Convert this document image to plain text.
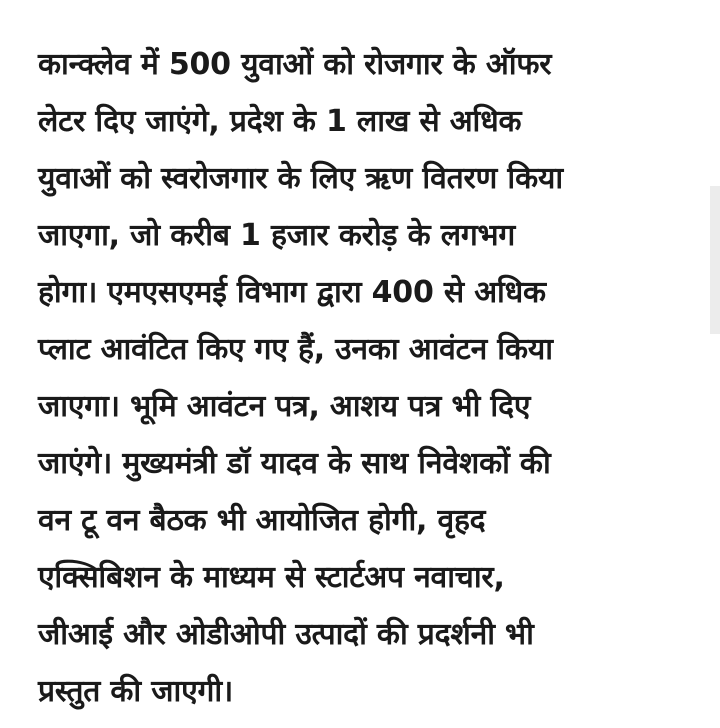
कान्क्लेव में 500 युवाओं को रोजगार के ऑफर
लेटर दिए जाएंगे, प्रदेश के 1 लाख से अधिक
युवाओं को स्वरोजगार के लिए ऋण वितरण किया
जाएगा, जो करीब 1 हजार करोड़ के लगभग
होगा। एमएसएमई विभाग द्वारा 400 से अधिक
प्लाट आवंटित किए गए हैं, उनका आवंटन किया
जाएगा। भूमि आवंटन पत्र, आशय पत्र भी दिए
जाएंगे। मुख्यमंत्री डॉ यादव के साथ निवेशकों की
वन टू वन बैठक भी आयोजित होगी, वृहद
एक्सिबिशन के माध्यम से स्टार्टअप नवाचार,
जीआई और ओडीओपी उत्पादों की प्रदर्शनी भी
प्रस्तुत की जाएगी।
